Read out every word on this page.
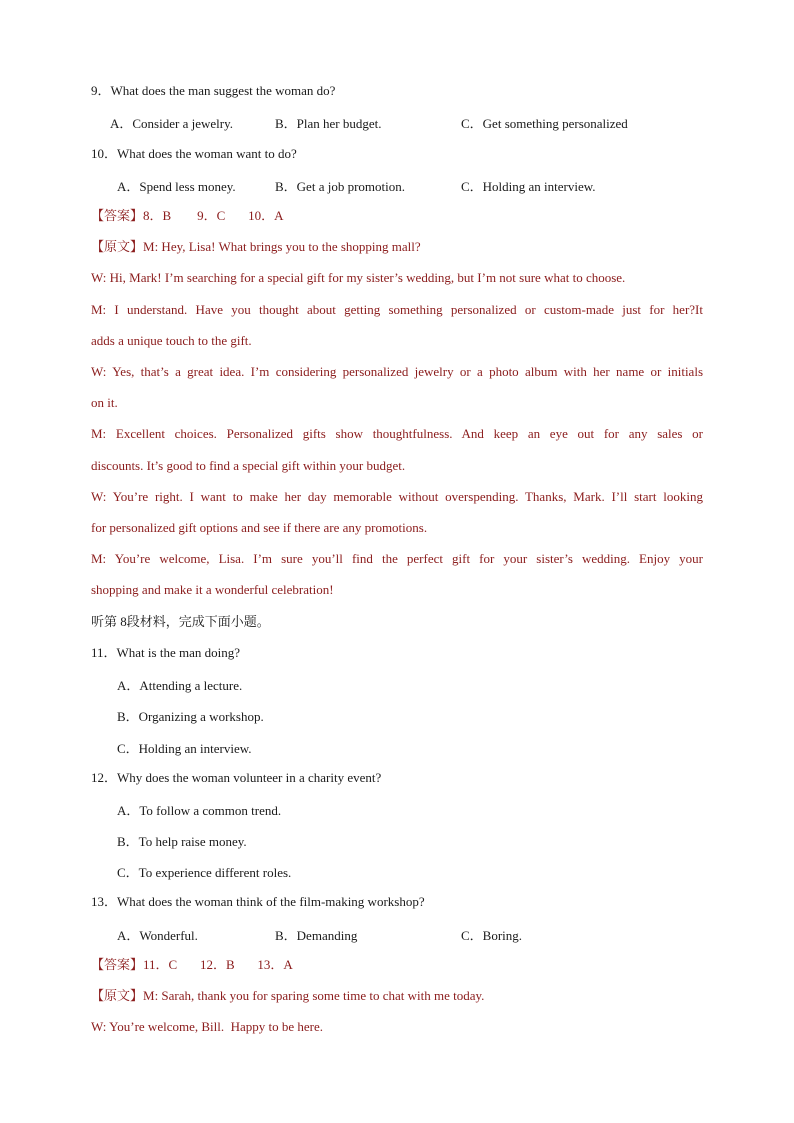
9．What does the man suggest the woman do?
A．Consider a jewelry.	B．Plan her budget.	C．Get something personalized
10．What does the woman want to do?
A．Spend less money.	B．Get a job promotion.	C．Holding an interview.
【答案】8．B        9．C       10．A
【原文】M: Hey, Lisa! What brings you to the shopping mall?
W: Hi, Mark! I’m searching for a special gift for my sister’s wedding, but I’m not sure what to choose.
M: I understand. Have you thought about getting something personalized or custom-made just for her?It
adds a unique touch to the gift.
W: Yes, that’s a great idea. I’m considering personalized jewelry or a photo album with her name or initials
on it.
M: Excellent choices. Personalized gifts show thoughtfulness. And keep an eye out for any sales or
discounts. It’s good to find a special gift within your budget.
W: You’re right. I want to make her day memorable without overspending. Thanks, Mark. I’ll start looking
for personalized gift options and see if there are any promotions.
M: You’re welcome, Lisa. I’m sure you’ll find the perfect gift for your sister’s wedding. Enjoy your
shopping and make it a wonderful celebration!
听第 8段材料，完成下面小题。
11．What is the man doing?
A．Attending a lecture.
B．Organizing a workshop.
C．Holding an interview.
12．Why does the woman volunteer in a charity event?
A．To follow a common trend.
B．To help raise money.
C．To experience different roles.
13．What does the woman think of the film-making workshop?
A．Wonderful.	B．Demanding	C．Boring.
【答案】11．C       12．B       13．A
【原文】M: Sarah, thank you for sparing some time to chat with me today.
W: You’re welcome, Bill.  Happy to be here.
